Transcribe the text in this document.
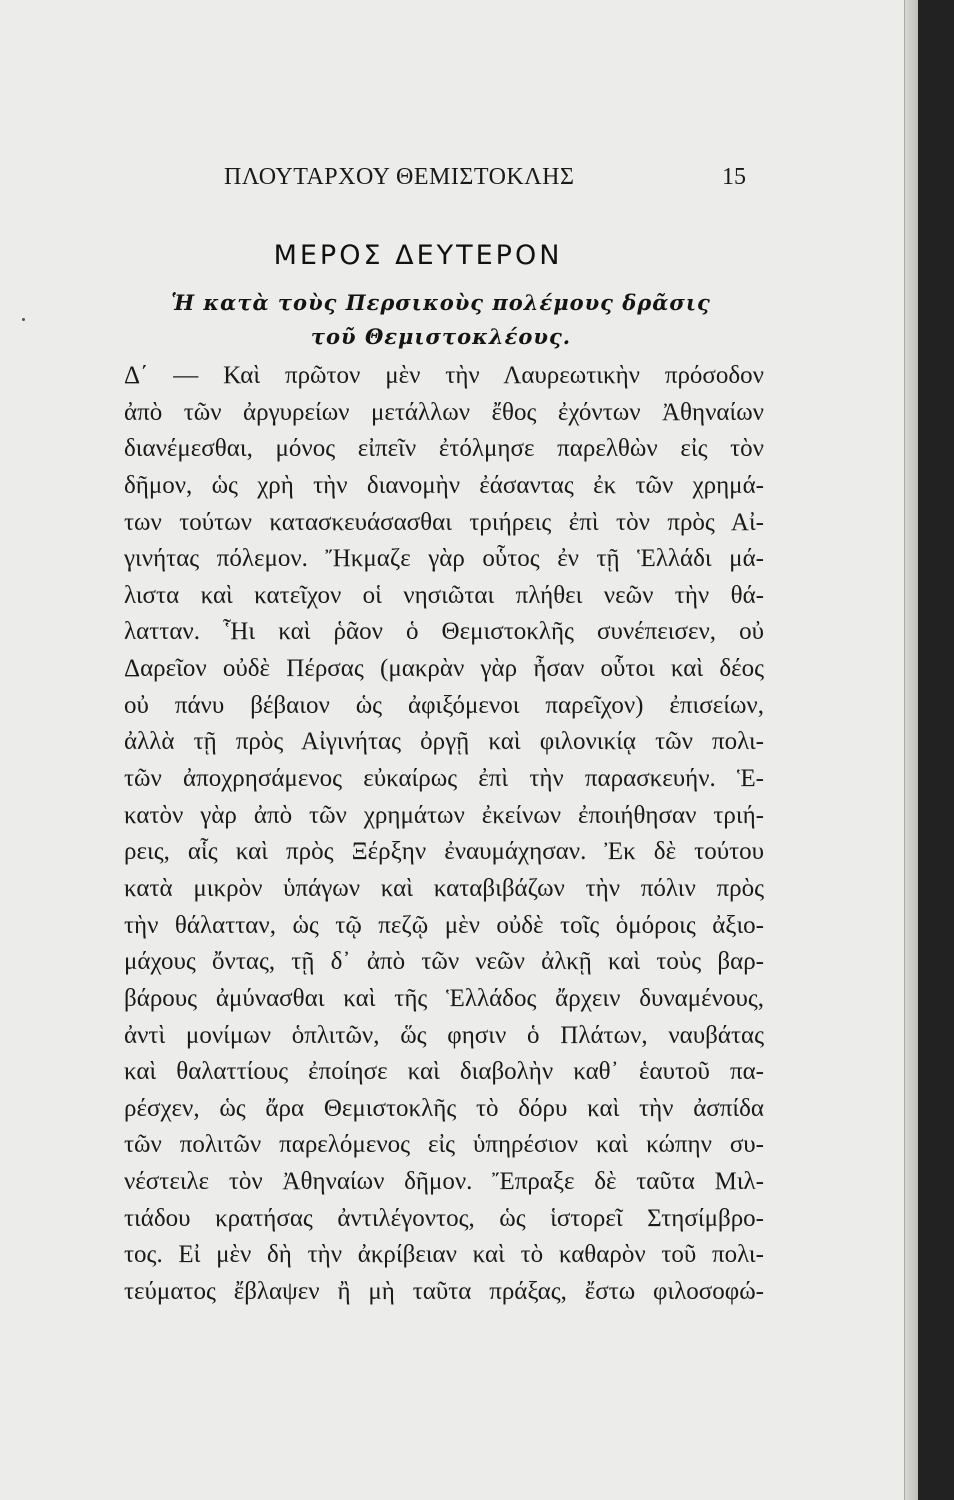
ΠΛΟΥΤΑΡΧΟΥ ΘΕΜΙΣΤΟΚΛΗΣ	15
ΜΕΡΟΣ ΔΕΥΤΕΡΟΝ
Ἡ κατὰ τοὺς Περσικοὺς πολέμους δρᾶσις
τοῦ Θεμιστοκλέους.
Δ΄ — Καὶ πρῶτον μὲν τὴν Λαυρεωτικὴν πρόσοδον
ἀπὸ τῶν ἀργυρείων μετάλλων ἔθος ἐχόντων Ἀθηναίων
διανέμεσθαι, μόνος εἰπεῖν ἐτόλμησε παρελθὼν εἰς τὸν
δῆμον, ὡς χρὴ τὴν διανομὴν ἐάσαντας ἐκ τῶν χρημά-
των τούτων κατασκευάσασθαι τριήρεις ἐπὶ τὸν πρὸς Αἰ-
γινήτας πόλεμον. Ἤκμαζε γὰρ οὗτος ἐν τῇ Ἑλλάδι μά-
λιστα καὶ κατεῖχον οἱ νησιῶται πλήθει νεῶν τὴν θά-
λατταν. Ἧι καὶ ῥᾶον ὁ Θεμιστοκλῆς συνέπεισεν, οὐ
Δαρεῖον οὐδὲ Πέρσας (μακρὰν γὰρ ἦσαν οὗτοι καὶ δέος
οὐ πάνυ βέβαιον ὡς ἀφιξόμενοι παρεῖχον) ἐπισείων,
ἀλλὰ τῇ πρὸς Αἰγινήτας ὀργῇ καὶ φιλονικίᾳ τῶν πολι-
τῶν ἀποχρησάμενος εὐκαίρως ἐπὶ τὴν παρασκευήν. Ἑ-
κατὸν γὰρ ἀπὸ τῶν χρημάτων ἐκείνων ἐποιήθησαν τριή-
ρεις, αἷς καὶ πρὸς Ξέρξην ἐναυμάχησαν. Ἐκ δὲ τούτου
κατὰ μικρὸν ὑπάγων καὶ καταβιβάζων τὴν πόλιν πρὸς
τὴν θάλατταν, ὡς τῷ πεζῷ μὲν οὐδὲ τοῖς ὁμόροις ἀξιο-
μάχους ὄντας, τῇ δ᾿ ἀπὸ τῶν νεῶν ἀλκῇ καὶ τοὺς βαρ-
βάρους ἀμύνασθαι καὶ τῆς Ἑλλάδος ἄρχειν δυναμένους,
ἀντὶ μονίμων ὁπλιτῶν, ὥς φησιν ὁ Πλάτων, ναυβάτας
καὶ θαλαττίους ἐποίησε καὶ διαβολὴν καθ᾿ ἑαυτοῦ πα-
ρέσχεν, ὡς ἄρα Θεμιστοκλῆς τὸ δόρυ καὶ τὴν ἀσπίδα
τῶν πολιτῶν παρελόμενος εἰς ὑπηρέσιον καὶ κώπην συ-
νέστειλε τὸν Ἀθηναίων δῆμον. Ἔπραξε δὲ ταῦτα Μιλ-
τιάδου κρατήσας ἀντιλέγοντος, ὡς ἱστορεῖ Στησίμβρο-
τος. Εἰ μὲν δὴ τὴν ἀκρίβειαν καὶ τὸ καθαρὸν τοῦ πολι-
τεύματος ἔβλαψεν ἢ μὴ ταῦτα πράξας, ἔστω φιλοσοφώ-
